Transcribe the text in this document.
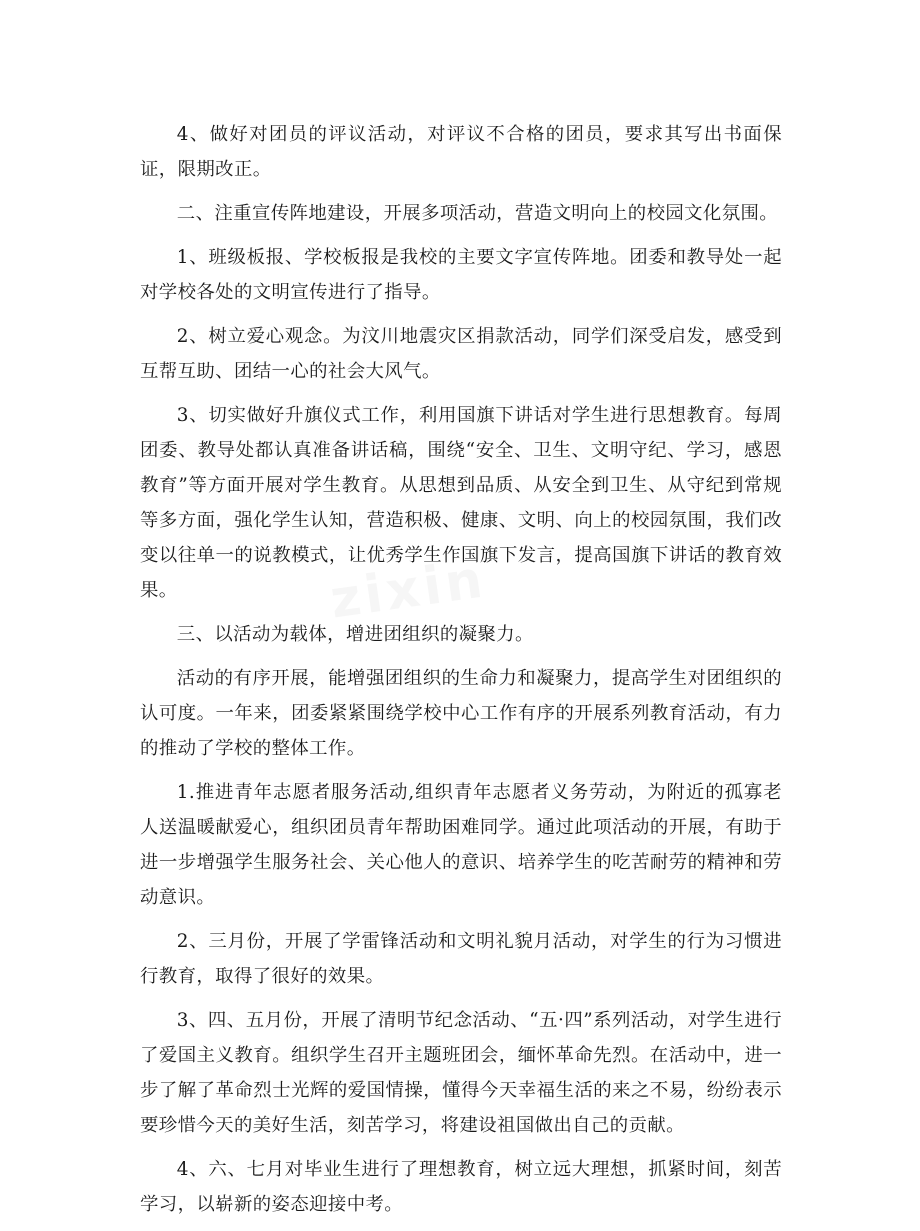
4、做好对团员的评议活动，对评议不合格的团员，要求其写出书面保证，限期改正。

二、注重宣传阵地建设，开展多项活动，营造文明向上的校园文化氛围。

1、班级板报、学校板报是我校的主要文字宣传阵地。团委和教导处一起对学校各处的文明宣传进行了指导。

2、树立爱心观念。为汶川地震灾区捐款活动，同学们深受启发，感受到互帮互助、团结一心的社会大风气。

3、切实做好升旗仪式工作，利用国旗下讲话对学生进行思想教育。每周团委、教导处都认真准备讲话稿，围绕“安全、卫生、文明守纪、学习，感恩教育”等方面开展对学生教育。从思想到品质、从安全到卫生、从守纪到常规等多方面，强化学生认知，营造积极、健康、文明、向上的校园氛围，我们改变以往单一的说教模式，让优秀学生作国旗下发言，提高国旗下讲话的教育效果。

三、以活动为载体，增进团组织的凝聚力。

活动的有序开展，能增强团组织的生命力和凝聚力，提高学生对团组织的认可度。一年来，团委紧紧围绕学校中心工作有序的开展系列教育活动，有力的推动了学校的整体工作。

1.推进青年志愿者服务活动,组织青年志愿者义务劳动，为附近的孤寡老人送温暖献爱心，组织团员青年帮助困难同学。通过此项活动的开展，有助于进一步增强学生服务社会、关心他人的意识、培养学生的吃苦耐劳的精神和劳动意识。

2、三月份，开展了学雷锋活动和文明礼貌月活动，对学生的行为习惯进行教育，取得了很好的效果。

3、四、五月份，开展了清明节纪念活动、“五·四”系列活动，对学生进行了爱国主义教育。组织学生召开主题班团会，缅怀革命先烈。在活动中，进一步了解了革命烈士光辉的爱国情操，懂得今天幸福生活的来之不易，纷纷表示要珍惜今天的美好生活，刻苦学习，将建设祖国做出自己的贡献。

4、六、七月对毕业生进行了理想教育，树立远大理想，抓紧时间，刻苦学习，以崭新的姿态迎接中考。
